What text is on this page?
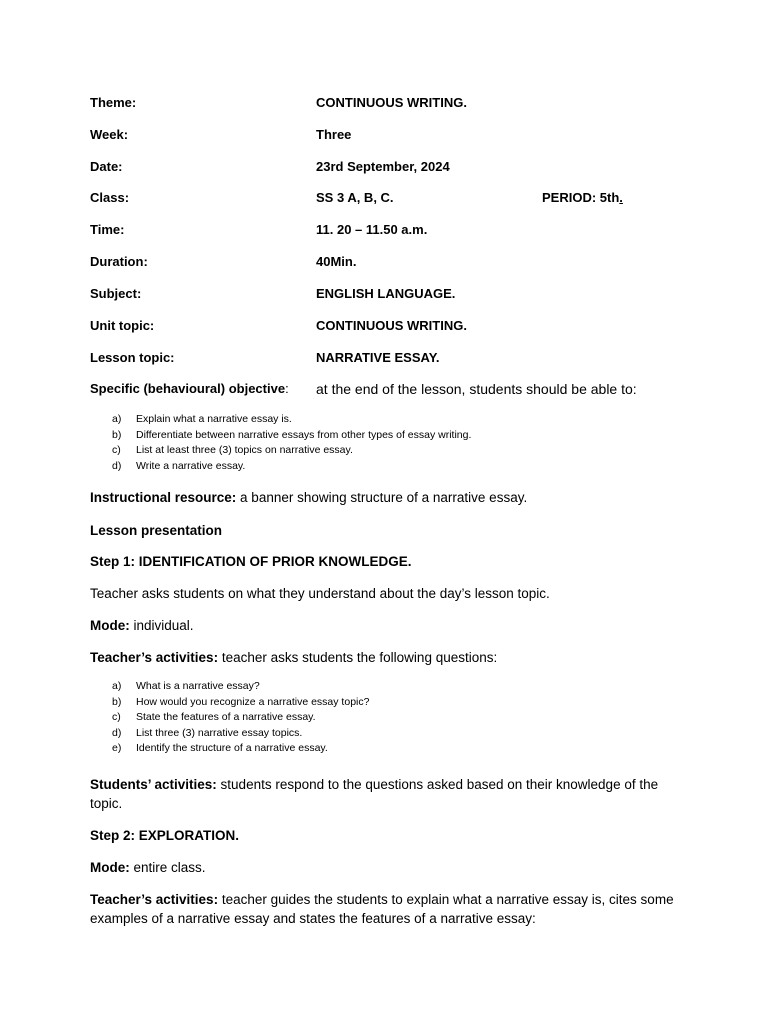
Theme:	CONTINUOUS WRITING.
Week:	Three
Date:	23rd September, 2024
Class:	SS 3 A, B, C.	PERIOD: 5th.
Time:	11. 20 – 11.50 a.m.
Duration:	40Min.
Subject:	ENGLISH LANGUAGE.
Unit topic:	CONTINUOUS WRITING.
Lesson topic:	NARRATIVE ESSAY.
Specific (behavioural) objective: at the end of the lesson, students should be able to:
a) Explain what a narrative essay is.
b) Differentiate between narrative essays from other types of essay writing.
c) List at least three (3) topics on narrative essay.
d) Write a narrative essay.
Instructional resource: a banner showing structure of a narrative essay.
Lesson presentation
Step 1: IDENTIFICATION OF PRIOR KNOWLEDGE.
Teacher asks students on what they understand about the day’s lesson topic.
Mode: individual.
Teacher’s activities: teacher asks students the following questions:
a) What is a narrative essay?
b) How would you recognize a narrative essay topic?
c) State the features of a narrative essay.
d) List three (3) narrative essay topics.
e) Identify the structure of a narrative essay.
Students’ activities: students respond to the questions asked based on their knowledge of the topic.
Step 2: EXPLORATION.
Mode: entire class.
Teacher’s activities: teacher guides the students to explain what a narrative essay is, cites some examples of a narrative essay and states the features of a narrative essay:
